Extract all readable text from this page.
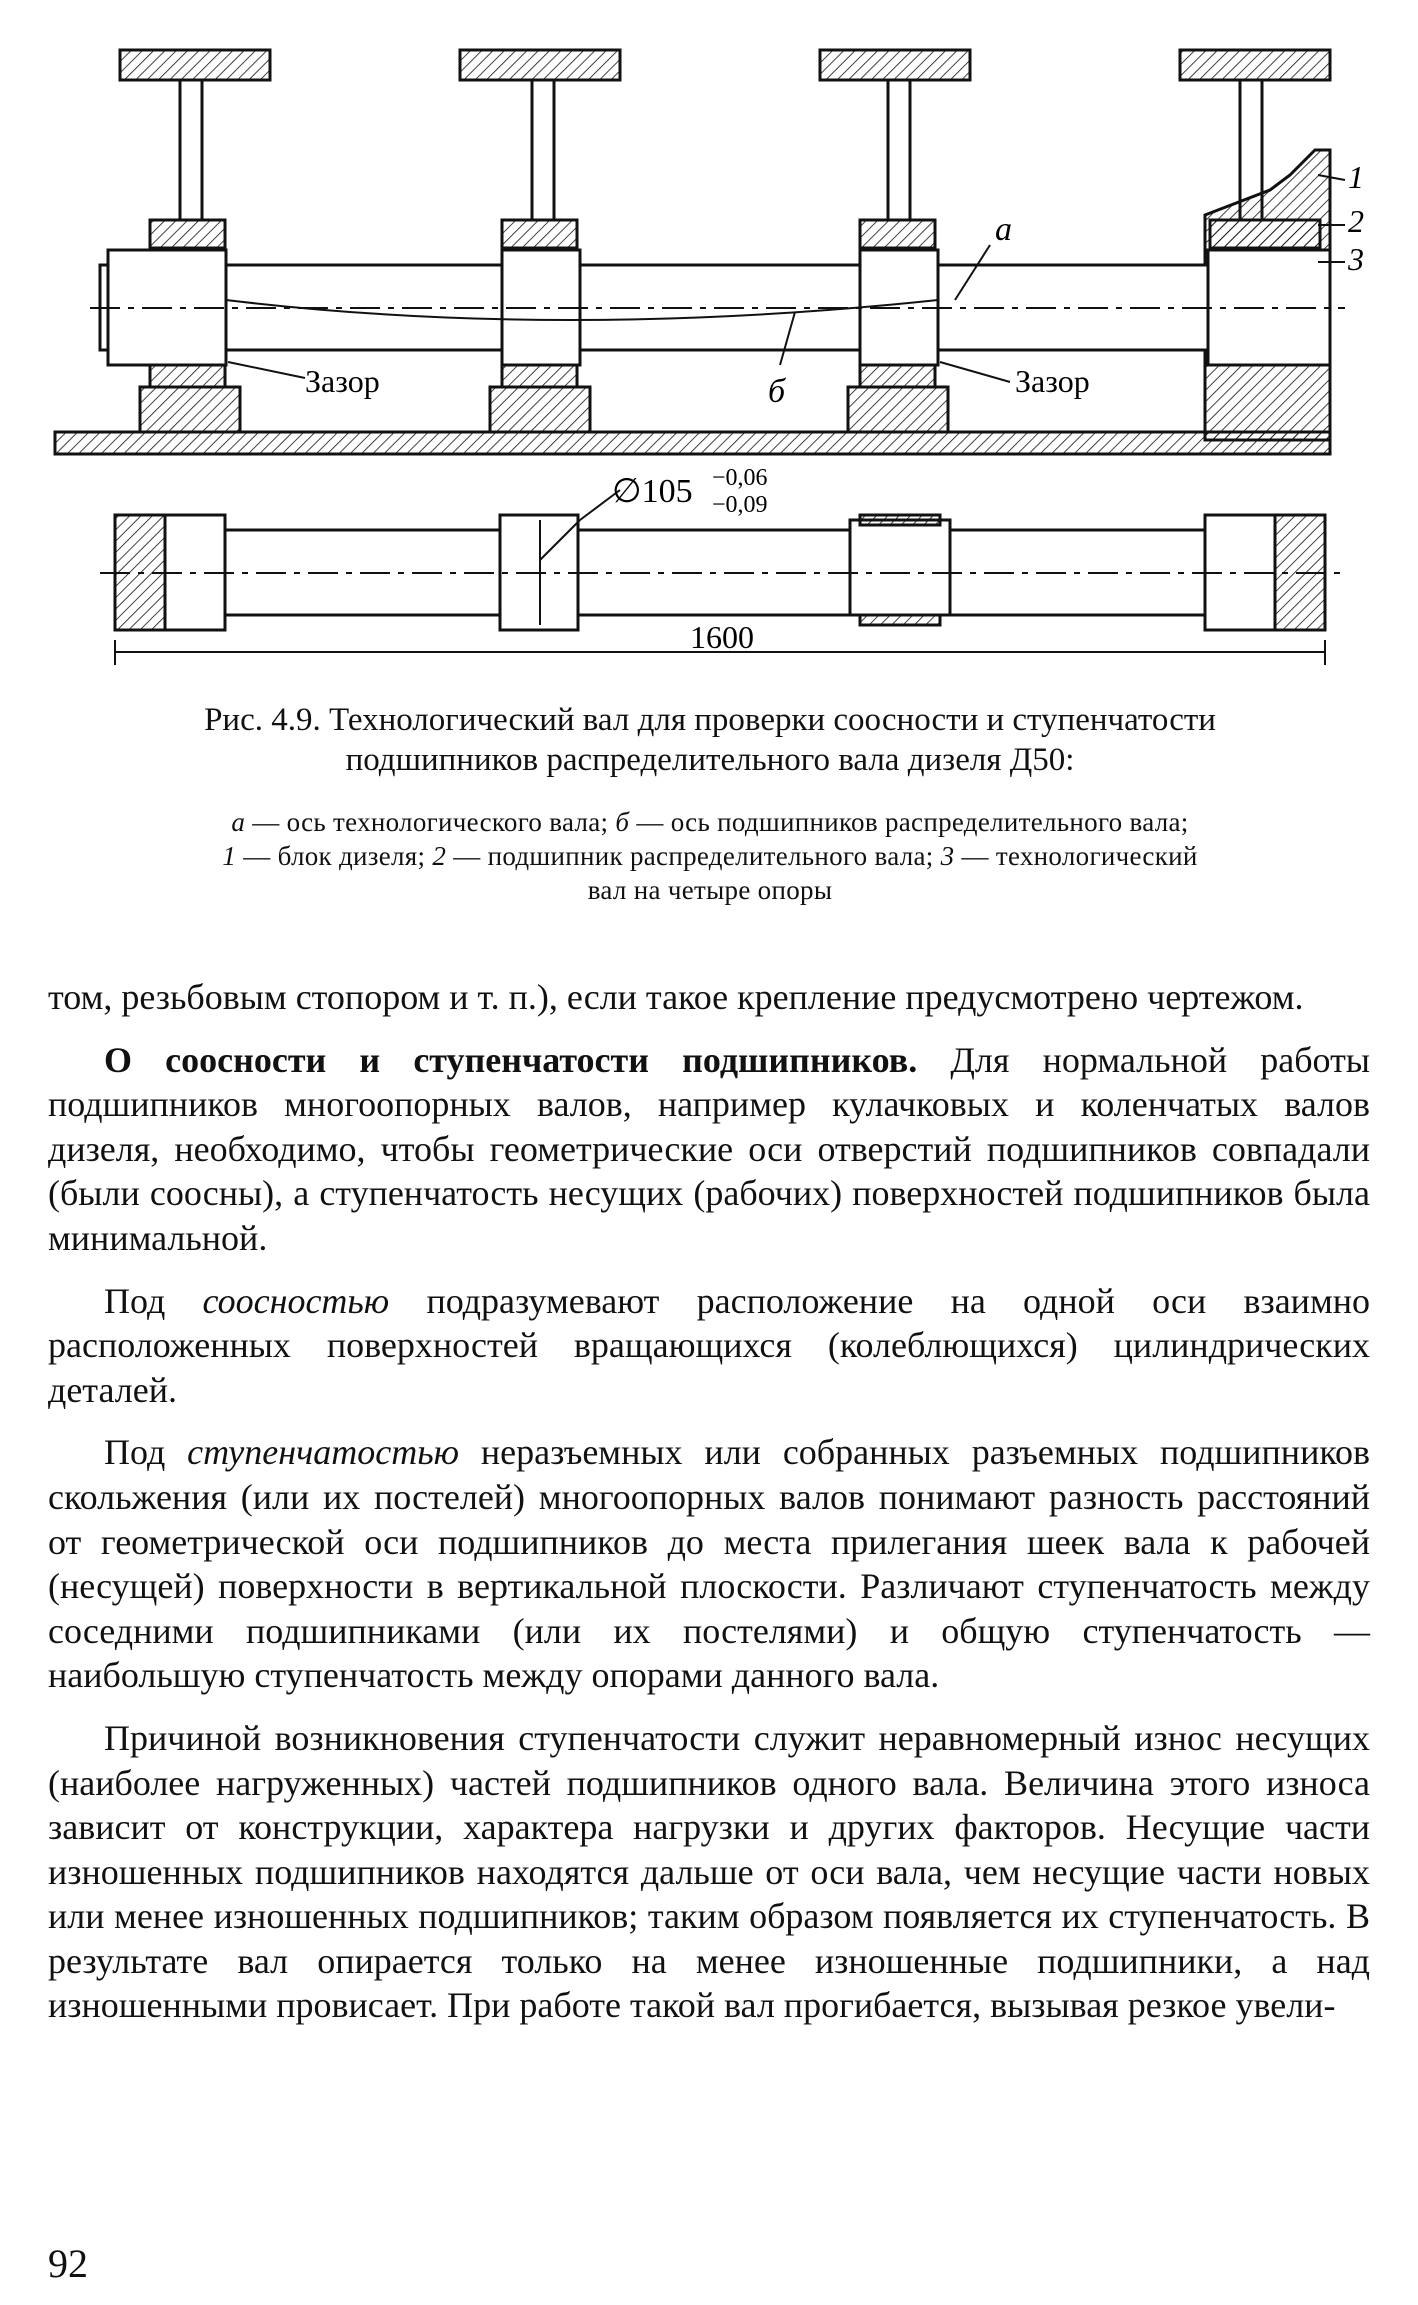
Зазор	Зазор
а
б
1
2
3
∅105 −0,06
−0,09
1600
Рис. 4.9. Технологический вал для проверки соосности и ступенчатости
подшипников распределительного вала дизеля Д50:
а — ось технологического вала; б — ось подшипников распределительного вала;
1 — блок дизеля; 2 — подшипник распределительного вала; 3 — технологический
вал на четыре опоры

том, резьбовым стопором и т. п.), если такое крепление предусмотрено чертежом.

О соосности и ступенчатости подшипников. Для нормальной работы подшипников многоопорных валов, например кулачковых и коленчатых валов дизеля, необходимо, чтобы геометрические оси отверстий подшипников совпадали (были соосны), а ступенчатость несущих (рабочих) поверхностей подшипников была минимальной.

Под соосностью подразумевают расположение на одной оси взаимно расположенных поверхностей вращающихся (колеблющихся) цилиндрических деталей.

Под ступенчатостью неразъемных или собранных разъемных подшипников скольжения (или их постелей) многоопорных валов понимают разность расстояний от геометрической оси подшипников до места прилегания шеек вала к рабочей (несущей) поверхности в вертикальной плоскости. Различают ступенчатость между соседними подшипниками (или их постелями) и общую ступенчатость — наибольшую ступенчатость между опорами данного вала.

Причиной возникновения ступенчатости служит неравномерный износ несущих (наиболее нагруженных) частей подшипников одного вала. Величина этого износа зависит от конструкции, характера нагрузки и других факторов. Несущие части изношенных подшипников находятся дальше от оси вала, чем несущие части новых или менее изношенных подшипников; таким образом появляется их ступенчатость. В результате вал опирается только на менее изношенные подшипники, а над изношенными провисает. При работе такой вал прогибается, вызывая резкое увели-

92
